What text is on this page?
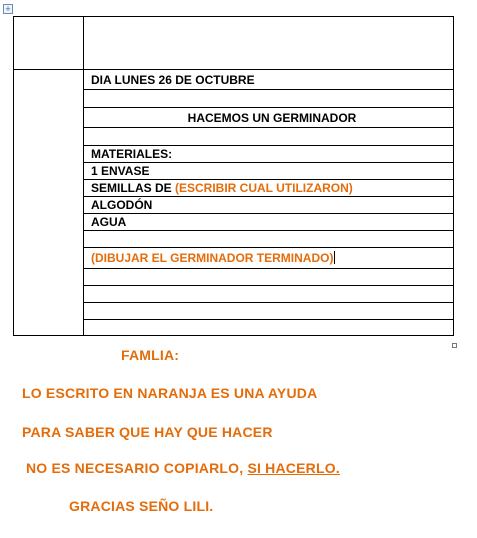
+

	DIA LUNES 26 DE OCTUBRE

	HACEMOS UN GERMINADOR

	MATERIALES:
	1 ENVASE
	SEMILLAS DE (ESCRIBIR CUAL UTILIZARON)
	ALGODÓN
	AGUA

	(DIBUJAR EL GERMINADOR TERMINADO)

FAMLIA:
LO ESCRITO EN NARANJA ES UNA AYUDA
PARA SABER QUE HAY QUE HACER
NO ES NECESARIO COPIARLO, SI HACERLO.
GRACIAS SEÑO LILI.
